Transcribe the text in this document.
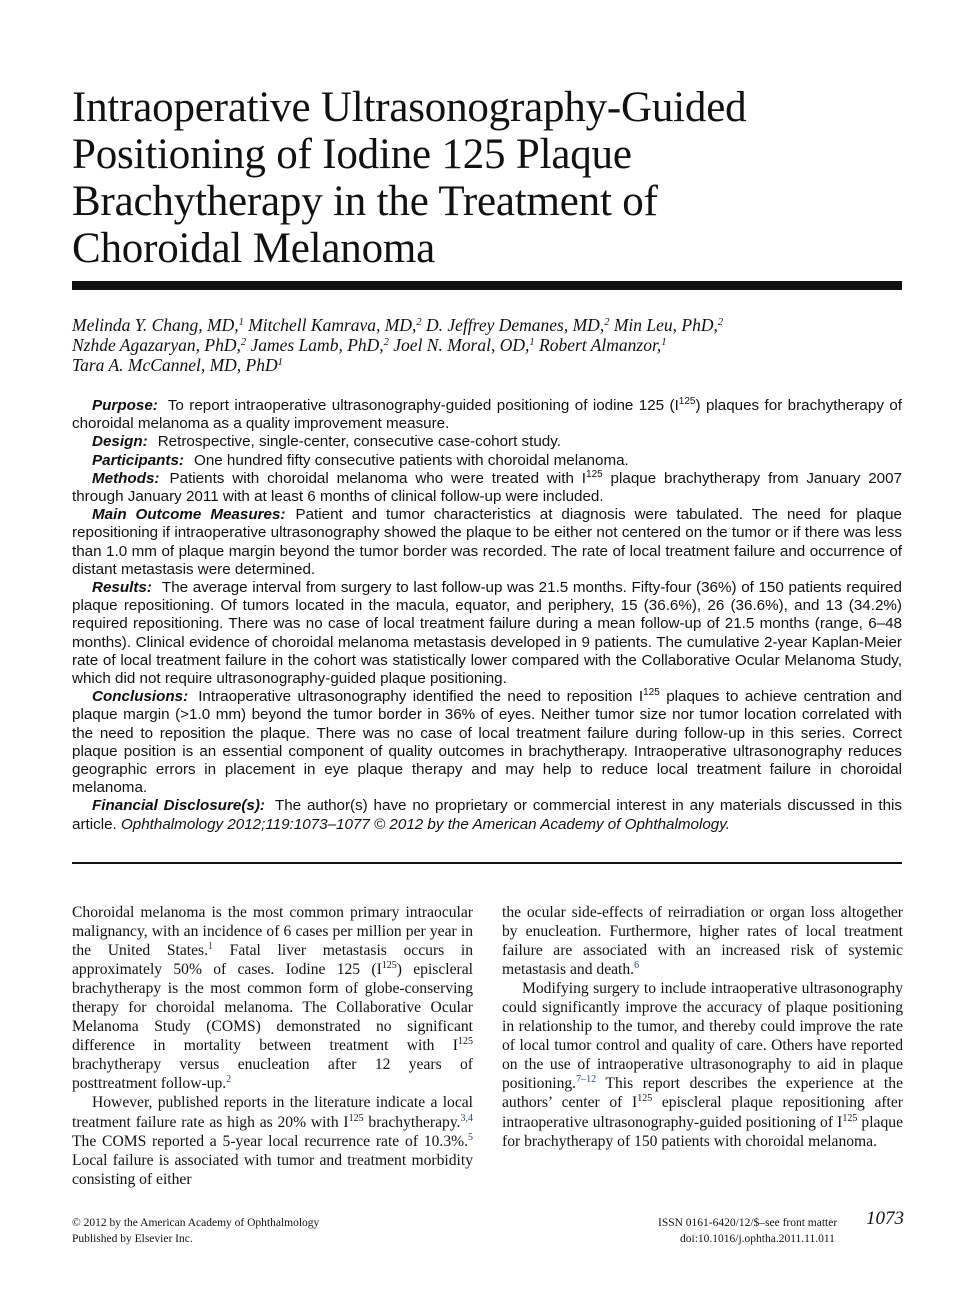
Intraoperative Ultrasonography-Guided
Positioning of Iodine 125 Plaque
Brachytherapy in the Treatment of
Choroidal Melanoma
Melinda Y. Chang, MD,$^1$ Mitchell Kamrava, MD,$^2$ D. Jeffrey Demanes, MD,$^2$ Min Leu, PhD,$^2$
Nzhde Agazaryan, PhD,$^2$ James Lamb, PhD,$^2$ Joel N. Moral, OD,$^1$ Robert Almanzor,$^1$
Tara A. McCannel, MD, PhD$^1$

Purpose: To report intraoperative ultrasonography-guided positioning of iodine 125 $(I^{125})$ plaques for brachytherapy of choroidal melanoma as a quality improvement measure.

Design: Retrospective, single-center, consecutive case-cohort study.

Participants: One hundred fifty consecutive patients with choroidal melanoma.

Methods: Patients with choroidal melanoma who were treated with $I^{125}$ plaque brachytherapy from January 2007 through January 2011 with at least 6 months of clinical follow-up were included.

Main Outcome Measures: Patient and tumor characteristics at diagnosis were tabulated. The need for plaque repositioning if intraoperative ultrasonography showed the plaque to be either not centered on the tumor or if there was less than 1.0 mm of plaque margin beyond the tumor border was recorded. The rate of local treatment failure and occurrence of distant metastasis were determined.

Results: The average interval from surgery to last follow-up was 21.5 months. Fifty-four (36%) of 150 patients required plaque repositioning. Of tumors located in the macula, equator, and periphery, 15 (36.6%), 26 (36.6%), and 13 (34.2%) required repositioning. There was no case of local treatment failure during a mean follow-up of 21.5 months (range, 6–48 months). Clinical evidence of choroidal melanoma metastasis developed in 9 patients. The cumulative 2-year Kaplan-Meier rate of local treatment failure in the cohort was statistically lower compared with the Collaborative Ocular Melanoma Study, which did not require ultrasonography-guided plaque positioning.

Conclusions: Intraoperative ultrasonography identified the need to reposition $I^{125}$ plaques to achieve centration and plaque margin (>1.0 mm) beyond the tumor border in 36% of eyes. Neither tumor size nor tumor location correlated with the need to reposition the plaque. There was no case of local treatment failure during follow-up in this series. Correct plaque position is an essential component of quality outcomes in brachytherapy. Intraoperative ultrasonography reduces geographic errors in placement in eye plaque therapy and may help to reduce local treatment failure in choroidal melanoma.

Financial Disclosure(s): The author(s) have no proprietary or commercial interest in any materials discussed in this article. Ophthalmology 2012;119:1073–1077 © 2012 by the American Academy of Ophthalmology.

Choroidal melanoma is the most common primary intraocular malignancy, with an incidence of 6 cases per million per year in the United States.$^1$ Fatal liver metastasis occurs in approximately 50% of cases. Iodine 125 $(I^{125})$ episcleral brachytherapy is the most common form of globe-conserving therapy for choroidal melanoma. The Collaborative Ocular Melanoma Study (COMS) demonstrated no significant difference in mortality between treatment with $I^{125}$ brachytherapy versus enucleation after 12 years of posttreatment follow-up.$^2$

However, published reports in the literature indicate a local treatment failure rate as high as 20% with $I^{125}$ brachytherapy.$^{3,4}$ The COMS reported a 5-year local recurrence rate of 10.3%.$^5$ Local failure is associated with tumor and treatment morbidity consisting of either

the ocular side-effects of reirradiation or organ loss altogether by enucleation. Furthermore, higher rates of local treatment failure are associated with an increased risk of systemic metastasis and death.$^6$

Modifying surgery to include intraoperative ultrasonography could significantly improve the accuracy of plaque positioning in relationship to the tumor, and thereby could improve the rate of local tumor control and quality of care. Others have reported on the use of intraoperative ultrasonography to aid in plaque positioning.$^{7-12}$ This report describes the experience at the authors’ center of $I^{125}$ episcleral plaque repositioning after intraoperative ultrasonography-guided positioning of $I^{125}$ plaque for brachytherapy of 150 patients with choroidal melanoma.

© 2012 by the American Academy of Ophthalmology
Published by Elsevier Inc.
ISSN 0161-6420/12/$–see front matter
doi:10.1016/j.ophtha.2011.11.011
1073
